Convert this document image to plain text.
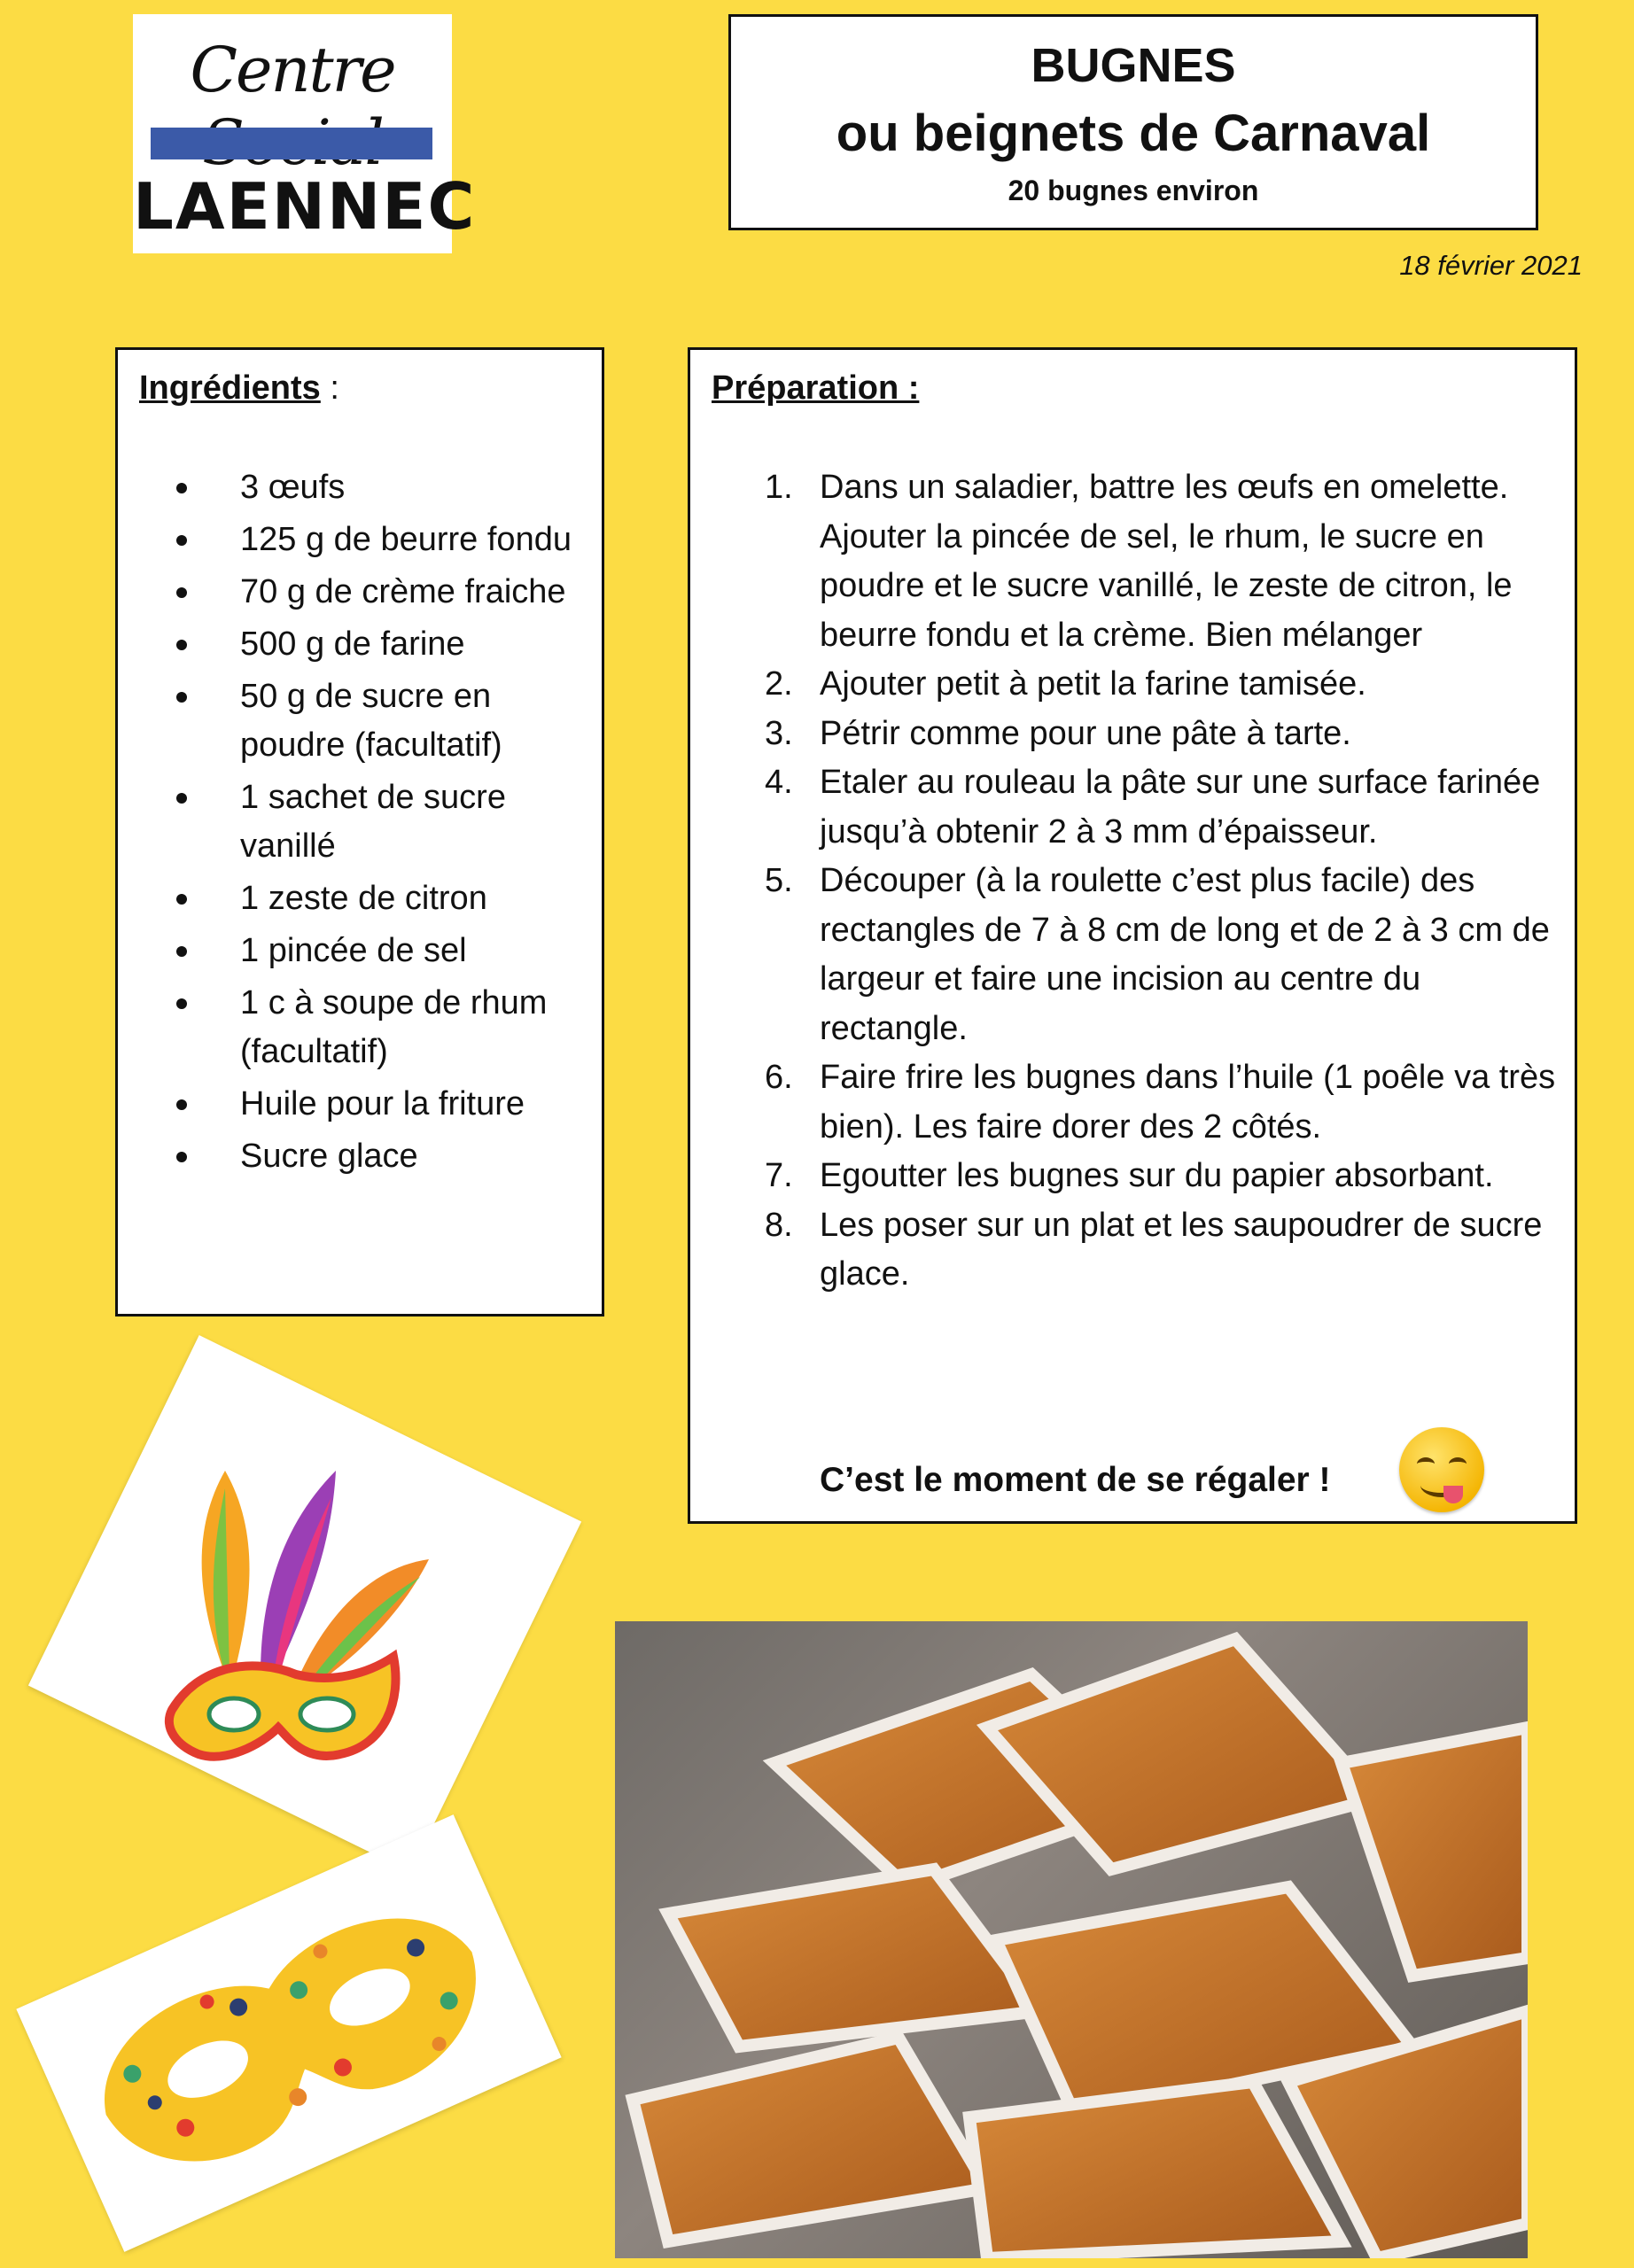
Centre
LAENNEC
BUGNES
ou beignets de Carnaval
20 bugnes environ
18 février 2021
Ingrédients :
3 œufs
125 g de beurre fondu
70 g de crème fraiche
500 g de farine
50 g de sucre en poudre (facultatif)
1 sachet de sucre vanillé
1 zeste de citron
1 pincée de sel
1 c à soupe de rhum (facultatif)
Huile pour la friture
Sucre glace
Préparation :
1. Dans un saladier, battre les œufs en omelette. Ajouter la pincée de sel, le rhum, le sucre en poudre et le sucre vanillé, le zeste de citron, le beurre fondu et la crème. Bien mélanger
2. Ajouter petit à petit la farine tamisée.
3. Pétrir comme pour une pâte à tarte.
4. Etaler au rouleau la pâte sur une surface farinée jusqu’à obtenir 2 à 3 mm d’épaisseur.
5. Découper (à la roulette c’est plus facile) des rectangles de 7 à 8 cm de long et de 2 à 3 cm de largeur et faire une incision au centre du rectangle.
6. Faire frire les bugnes dans l’huile (1 poêle va très bien). Les faire dorer des 2 côtés.
7. Egoutter les bugnes sur du papier absorbant.
8. Les poser sur un plat et les saupoudrer de sucre glace.
C’est le moment de se régaler !
